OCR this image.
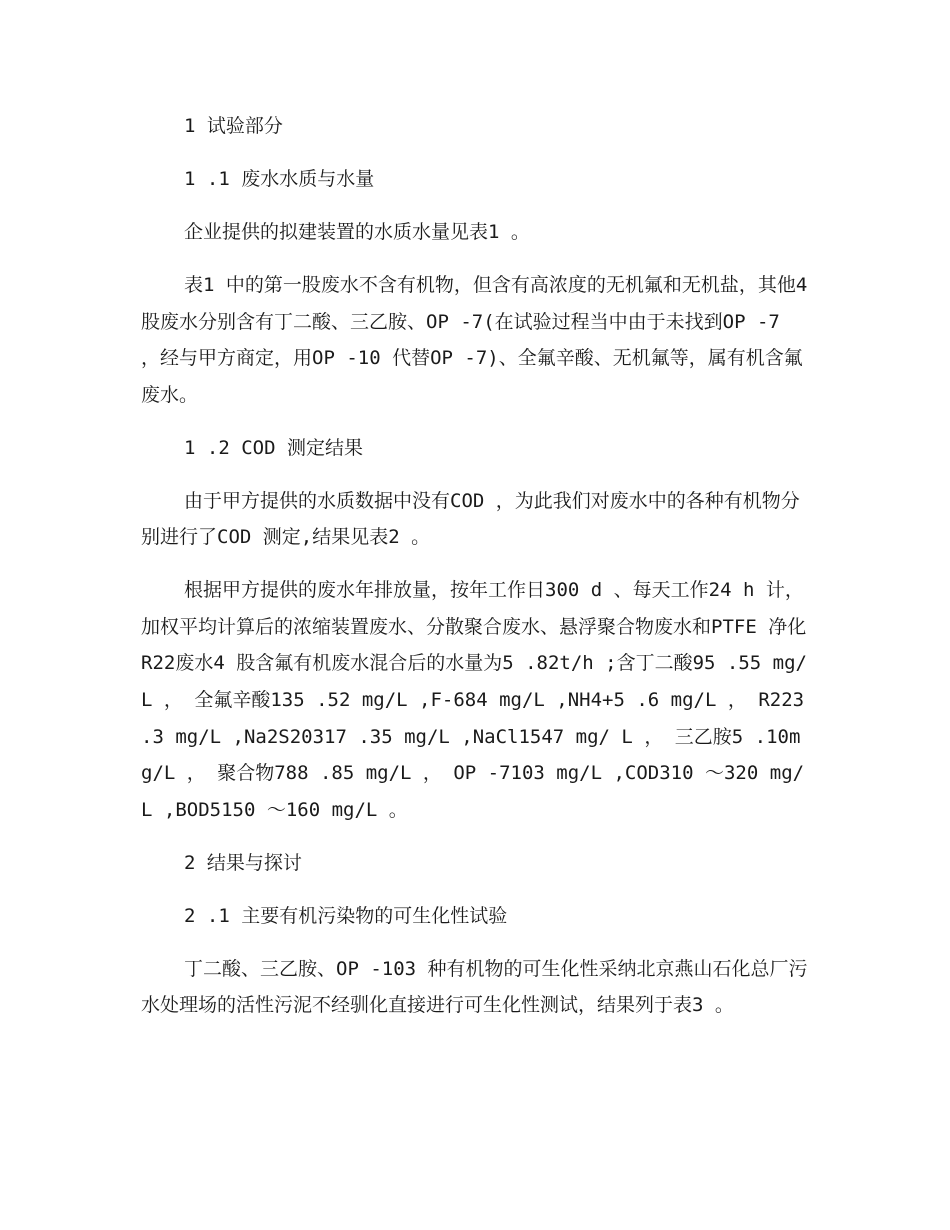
1 试验部分

1 .1 废水水质与水量

企业提供的拟建装置的水质水量见表1 。

表1 中的第一股废水不含有机物，但含有高浓度的无机氟和无机盐，其他4 股废水分别含有丁二酸、三乙胺、OP -7(在试验过程当中由于未找到OP -7 ，经与甲方商定，用OP -10 代替OP -7)、全氟辛酸、无机氟等，属有机含氟废水。

1 .2 COD 测定结果

由于甲方提供的水质数据中没有COD ，为此我们对废水中的各种有机物分别进行了COD 测定,结果见表2 。

根据甲方提供的废水年排放量，按年工作日300 d 、每天工作24 h 计，加权平均计算后的浓缩装置废水、分散聚合废水、悬浮聚合物废水和PTFE 净化R22废水4 股含氟有机废水混合后的水量为5 .82t/h ;含丁二酸95 .55 mg/ L ， 全氟辛酸135 .52 mg/L ,F-684 mg/L ,NH4+5 .6 mg/L ， R223 .3 mg/L ,Na2S20317 .35 mg/L ,NaCl1547 mg/ L ， 三乙胺5 .10mg/L ， 聚合物788 .85 mg/L ， OP -7103 mg/L ,COD310 ～320 mg/L ,BOD5150 ～160 mg/L 。

2 结果与探讨

2 .1 主要有机污染物的可生化性试验

丁二酸、三乙胺、OP -103 种有机物的可生化性采纳北京燕山石化总厂污水处理场的活性污泥不经驯化直接进行可生化性测试，结果列于表3 。
